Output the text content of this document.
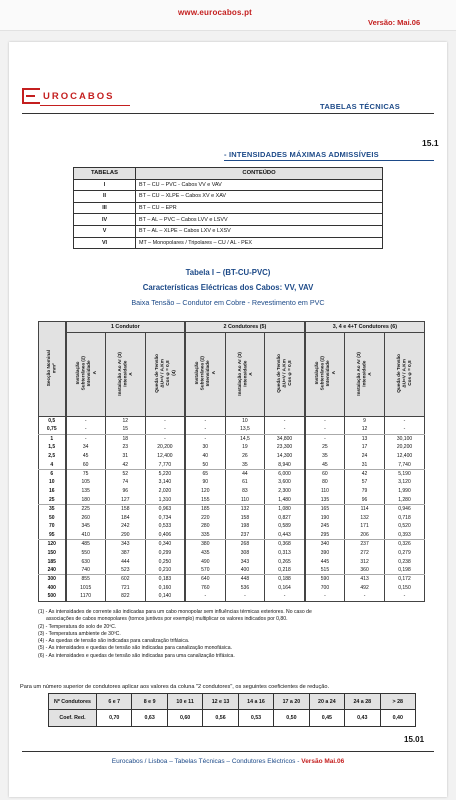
www.eurocabos.pt
Versão: Mai.06
UROCABOS
TABELAS TÉCNICAS
15.1
- INTENSIDADES MÁXIMAS ADMISSÍVEIS
TABELAS	CONTEÚDO
I	BT – CU – PVC - Cabos VV e VAV
II	BT – CU – XLPE – Cabos XV e XAV
III	BT – CU – EPR
IV	BT – AL – PVC – Cabos LVV e LSVV
V	BT – AL – XLPE – Cabos LXV e LXSV
VI	MT – Monopolares / Tripolares – CU / AL - PEX
Tabela I – (BT-CU-PVC)
Características Eléctricas dos Cabos: VV, VAV
Baixa Tensão – Condutor em Cobre - Revestimento em PVC
Secção Nominal mm²	1 Condutor			2 Condutores (5)			3, 4 e 4+T Condutores (6)		

	Instalação Subterrânea (2) Intensidade A	Instalação Ao Ar (3) Intensidade A	Queda de Tensão ΔU=V / A.Km Cos φ = 0,8 (4)	Instalação Subterrânea (2) Intensidade A	Instalação Ao Ar (3) Intensidade A	Queda de Tensão ΔU=V / A.Km Cos φ = 0,8	Instalação Subterrânea (2) Intensidade A	Instalação Ao Ar (3) Intensidade A	Queda de Tensão ΔU=V / A.Km Cos φ = 0,8

0,5	-	12	-	-	10	-	-	9	-
0,75	-	15	-	-	13,5	-	-	12	-
1	-	18	-	-	14,5	34,800	-	13	30,100
1,5	34	23	20,200	30	19	23,300	25	17	20,200
2,5	45	31	12,400	40	26	14,300	35	24	12,400
4	60	42	7,770	50	35	8,940	45	31	7,740
6	75	52	5,220	65	44	6,000	60	42	5,190
10	105	74	3,140	90	61	3,600	80	57	3,120
16	135	96	2,020	120	83	2,300	110	79	1,990
25	180	127	1,310	155	110	1,480	135	96	1,280
35	225	158	0,963	185	132	1,080	165	114	0,946
50	260	184	0,734	220	158	0,827	190	132	0,718
70	345	242	0,533	280	198	0,589	245	171	0,520
95	410	290	0,406	335	237	0,443	295	206	0,393
120	485	343	0,340	380	268	0,368	340	237	0,326
150	550	387	0,299	435	308	0,313	390	272	0,279
185	630	444	0,250	490	343	0,265	445	312	0,238
240	740	523	0,210	570	400	0,218	515	360	0,198
300	855	602	0,183	640	448	0,188	590	413	0,172
400	1015	721	0,160	760	536	0,164	700	492	0,150
500	1170	822	0,140	-	-	-	-	-	-

(1) - As intensidades de corrente são indicadas para um cabo monopolar sem influências térmicas exteriores. No caso de

associações de cabos monopolares (tornos juntivos por exemplo) multiplicar os valores indicados por 0,80.

(2) - Temperatura do solo de 20ºC.

(3) - Temperatura ambiente de 30ºC.

(4) - As quedas de tensão são indicadas para canalização trifásica.

(5) - As intensidades e quedas de tensão são indicadas para canalização monofásica.

(6) - As intensidades e quedas de tensão são indicadas para uma canalização trifásica.

Para um número superior de condutores aplicar aos valores da coluna "2 condutores", os seguintes coeficientes de redução.
Nº Condutores	6 e 7	8 e 9	10 e 11	12 e 13	14 a 16	17 a 20	20 a 24	24 a 28	> 28
Coef. Red.	0,70	0,63	0,60	0,56	0,53	0,50	0,45	0,43	0,40
15.01
Eurocabos / Lisboa – Tabelas Técnicas – Condutores Eléctricos - Versão Mai.06
